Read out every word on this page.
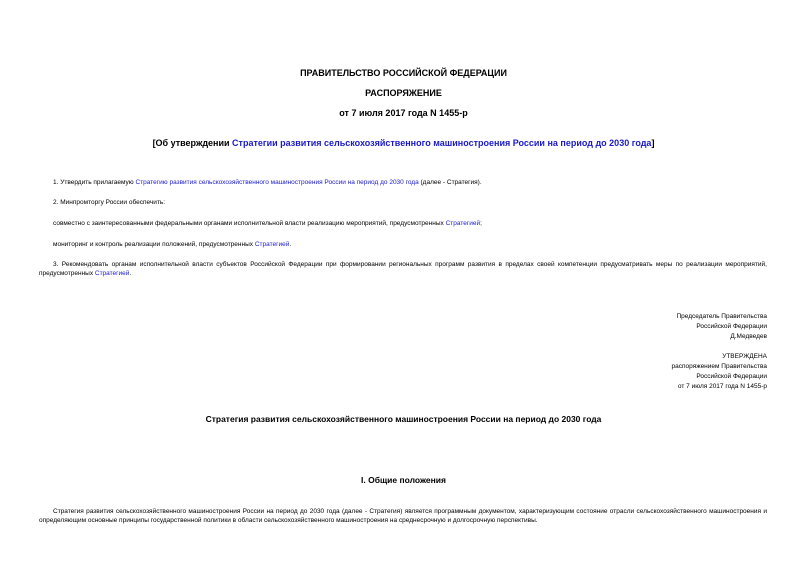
ПРАВИТЕЛЬСТВО РОССИЙСКОЙ ФЕДЕРАЦИИ
РАСПОРЯЖЕНИЕ
от 7 июля 2017 года N 1455-р
[Об утверждении Стратегии развития сельскохозяйственного машиностроения России на период до 2030 года]
1. Утвердить прилагаемую Стратегию развития сельскохозяйственного машиностроения России на период до 2030 года (далее - Стратегия).
2. Минпромторгу России обеспечить:
совместно с заинтересованными федеральными органами исполнительной власти реализацию мероприятий, предусмотренных Стратегией;
мониторинг и контроль реализации положений, предусмотренных Стратегией.
3. Рекомендовать органам исполнительной власти субъектов Российской Федерации при формировании региональных программ развития в пределах своей компетенции предусматривать меры по реализации мероприятий, предусмотренных Стратегией.
Председатель Правительства
Российской Федерации
Д.Медведев
УТВЕРЖДЕНА
распоряжением Правительства
Российской Федерации
от 7 июля 2017 года N 1455-р
Стратегия развития сельскохозяйственного машиностроения России на период до 2030 года
I. Общие положения
Стратегия развития сельскохозяйственного машиностроения России на период до 2030 года (далее - Стратегия) является программным документом, характеризующим состояние отрасли сельскохозяйственного машиностроения и определяющим основные принципы государственной политики в области сельскохозяйственного машиностроения на среднесрочную и долгосрочную перспективы.
